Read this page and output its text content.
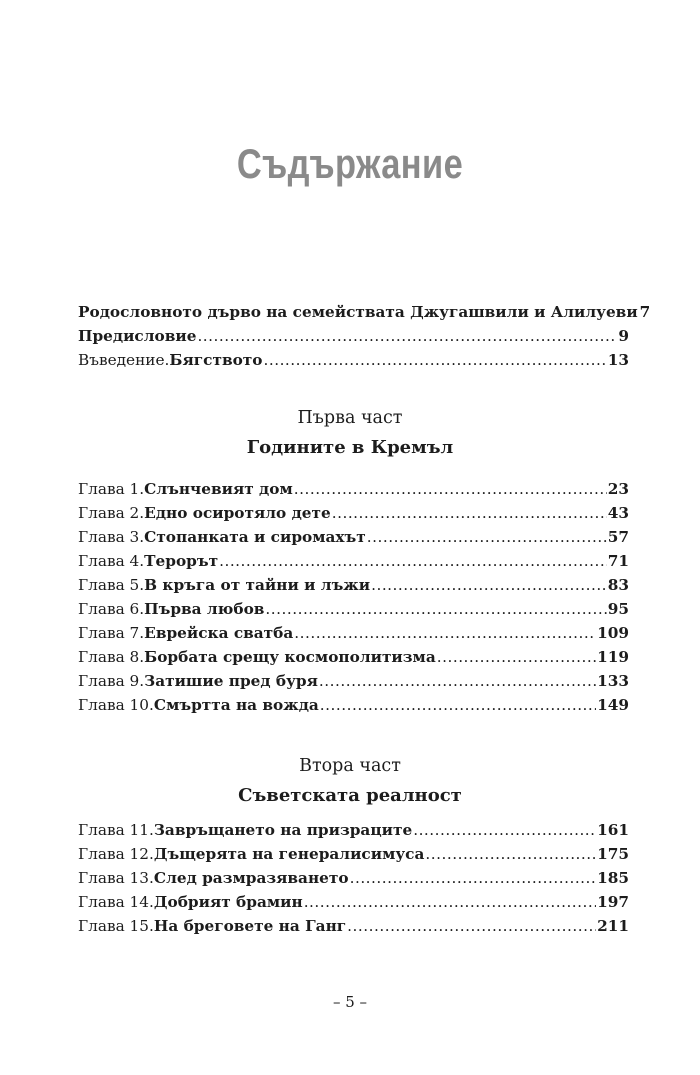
Съдържание
Родословното дърво на семействата Джугашвили и Алилуеви 7
Предисловие .....	9
Въведение. Бягството .....	13
Първа част
Годините в Кремъл
Глава 1. Слънчевият дом .....	23
Глава 2. Едно осиротяло дете .....	43
Глава 3. Стопанката и сиромахът .....	57
Глава 4. Терорът .....	71
Глава 5. В кръга от тайни и лъжи .....	83
Глава 6. Първа любов .....	95
Глава 7. Еврейска сватба .....	109
Глава 8. Борбата срещу космополитизма .....	119
Глава 9. Затишие пред буря .....	133
Глава 10. Смъртта на вожда .....	149
Втора част
Съветската реалност
Глава 11. Завръщането на призраците .....	161
Глава 12. Дъщерята на генералисимуса .....	175
Глава 13. След размразяването .....	185
Глава 14. Добрият брамин .....	197
Глава 15. На бреговете на Ганг .....	211
– 5 –
